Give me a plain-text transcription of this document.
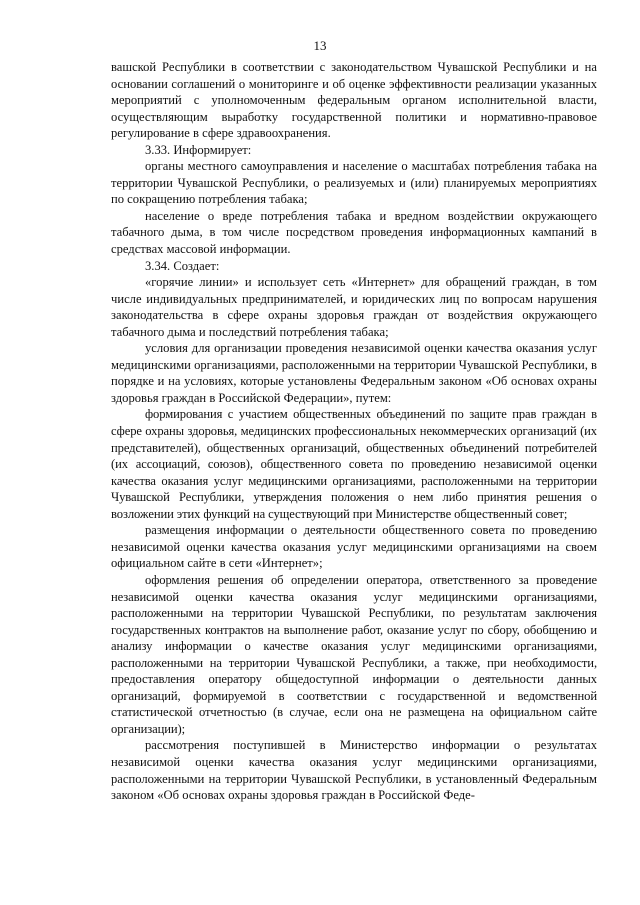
13

вашской Республики в соответствии с законодательством Чувашской Республики и на основании соглашений о мониторинге и об оценке эффективности реализации указанных мероприятий с уполномоченным федеральным органом исполнительной власти, осуществляющим выработку государственной политики и нормативно-правовое регулирование в сфере здравоохранения.

3.33. Информирует:

органы местного самоуправления и население о масштабах потребления табака на территории Чувашской Республики, о реализуемых и (или) планируемых мероприятиях по сокращению потребления табака;

население о вреде потребления табака и вредном воздействии окружающего табачного дыма, в том числе посредством проведения информационных кампаний в средствах массовой информации.

3.34. Создает:

«горячие линии» и использует сеть «Интернет» для обращений граждан, в том числе индивидуальных предпринимателей, и юридических лиц по вопросам нарушения законодательства в сфере охраны здоровья граждан от воздействия окружающего табачного дыма и последствий потребления табака;

условия для организации проведения независимой оценки качества оказания услуг медицинскими организациями, расположенными на территории Чувашской Республики, в порядке и на условиях, которые установлены Федеральным законом «Об основах охраны здоровья граждан в Российской Федерации», путем:

формирования с участием общественных объединений по защите прав граждан в сфере охраны здоровья, медицинских профессиональных некоммерческих организаций (их представителей), общественных организаций, общественных объединений потребителей (их ассоциаций, союзов), общественного совета по проведению независимой оценки качества оказания услуг медицинскими организациями, расположенными на территории Чувашской Республики, утверждения положения о нем либо принятия решения о возложении этих функций на существующий при Министерстве общественный совет;

размещения информации о деятельности общественного совета по проведению независимой оценки качества оказания услуг медицинскими организациями на своем официальном сайте в сети «Интернет»;

оформления решения об определении оператора, ответственного за проведение независимой оценки качества оказания услуг медицинскими организациями, расположенными на территории Чувашской Республики, по результатам заключения государственных контрактов на выполнение работ, оказание услуг по сбору, обобщению и анализу информации о качестве оказания услуг медицинскими организациями, расположенными на территории Чувашской Республики, а также, при необходимости, предоставления оператору общедоступной информации о деятельности данных организаций, формируемой в соответствии с государственной и ведомственной статистической отчетностью (в случае, если она не размещена на официальном сайте организации);

рассмотрения поступившей в Министерство информации о результатах независимой оценки качества оказания услуг медицинскими организациями, расположенными на территории Чувашской Республики, в установленный Федеральным законом «Об основах охраны здоровья граждан в Российской Феде-
